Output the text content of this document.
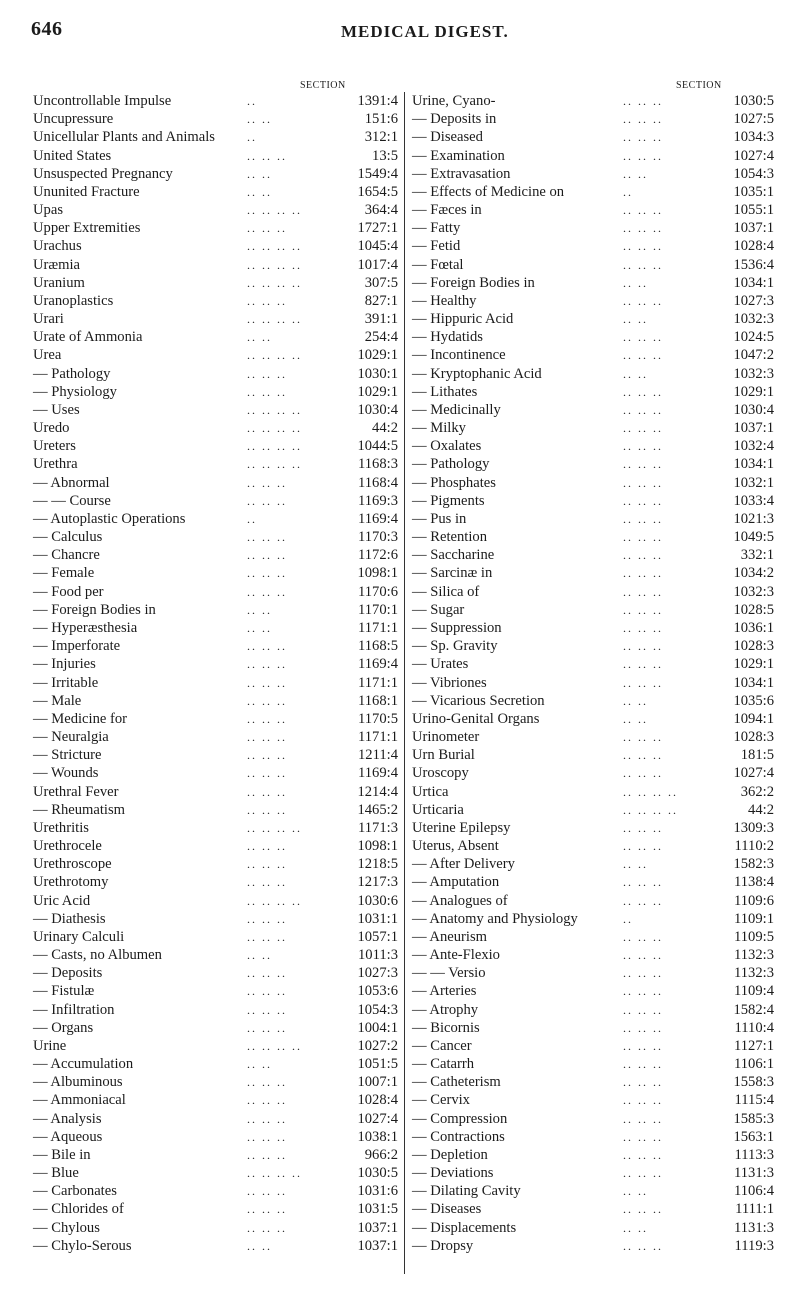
646	MEDICAL DIGEST.
SECTION
Uncontrollable Impulse	..	1391:4
Uncupressure	.. ..	151:6
Unicellular Plants and Animals	..	312:1
United States	.. .. ..	13:5
Unsuspected Pregnancy	.. ..	1549:4
Ununited Fracture	.. ..	1654:5
Upas	.. .. .. ..	364:4
Upper Extremities	.. .. ..	1727:1
Urachus	.. .. .. ..	1045:4
Uræmia	.. .. .. ..	1017:4
Uranium	.. .. .. ..	307:5
Uranoplastics	.. .. ..	827:1
Urari	.. .. .. ..	391:1
Urate of Ammonia	.. ..	254:4
Urea	.. .. .. ..	1029:1
— Pathology	.. .. ..	1030:1
— Physiology	.. .. ..	1029:1
— Uses	.. .. .. ..	1030:4
Uredo	.. .. .. ..	44:2
Ureters	.. .. .. ..	1044:5
Urethra	.. .. .. ..	1168:3
— Abnormal	.. .. ..	1168:4
— — Course	.. .. ..	1169:3
— Autoplastic Operations	..	1169:4
— Calculus	.. .. ..	1170:3
— Chancre	.. .. ..	1172:6
— Female	.. .. ..	1098:1
— Food per	.. .. ..	1170:6
— Foreign Bodies in	.. ..	1170:1
— Hyperæsthesia	.. ..	1171:1
— Imperforate	.. .. ..	1168:5
— Injuries	.. .. ..	1169:4
— Irritable	.. .. ..	1171:1
— Male	.. .. ..	1168:1
— Medicine for	.. .. ..	1170:5
— Neuralgia	.. .. ..	1171:1
— Stricture	.. .. ..	1211:4
— Wounds	.. .. ..	1169:4
Urethral Fever	.. .. ..	1214:4
— Rheumatism	.. .. ..	1465:2
Urethritis	.. .. .. ..	1171:3
Urethrocele	.. .. ..	1098:1
Urethroscope	.. .. ..	1218:5
Urethrotomy	.. .. ..	1217:3
Uric Acid	.. .. .. ..	1030:6
— Diathesis	.. .. ..	1031:1
Urinary Calculi	.. .. ..	1057:1
— Casts, no Albumen	.. ..	1011:3
— Deposits	.. .. ..	1027:3
— Fistulæ	.. .. ..	1053:6
— Infiltration	.. .. ..	1054:3
— Organs	.. .. ..	1004:1
Urine	.. .. .. ..	1027:2
— Accumulation	.. ..	1051:5
— Albuminous	.. .. ..	1007:1
— Ammoniacal	.. .. ..	1028:4
— Analysis	.. .. ..	1027:4
— Aqueous	.. .. ..	1038:1
— Bile in	.. .. ..	966:2
— Blue	.. .. .. ..	1030:5
— Carbonates	.. .. ..	1031:6
— Chlorides of	.. .. ..	1031:5
— Chylous	.. .. ..	1037:1
— Chylo-Serous	.. ..	1037:1
SECTION
Urine, Cyano-	.. .. ..	1030:5
— Deposits in	.. .. ..	1027:5
— Diseased	.. .. ..	1034:3
— Examination	.. .. ..	1027:4
— Extravasation	.. ..	1054:3
— Effects of Medicine on	..	1035:1
— Fæces in	.. .. ..	1055:1
— Fatty	.. .. ..	1037:1
— Fetid	.. .. ..	1028:4
— Fœtal	.. .. ..	1536:4
— Foreign Bodies in	.. ..	1034:1
— Healthy	.. .. ..	1027:3
— Hippuric Acid	.. ..	1032:3
— Hydatids	.. .. ..	1024:5
— Incontinence	.. .. ..	1047:2
— Kryptophanic Acid	.. ..	1032:3
— Lithates	.. .. ..	1029:1
— Medicinally	.. .. ..	1030:4
— Milky	.. .. ..	1037:1
— Oxalates	.. .. ..	1032:4
— Pathology	.. .. ..	1034:1
— Phosphates	.. .. ..	1032:1
— Pigments	.. .. ..	1033:4
— Pus in	.. .. ..	1021:3
— Retention	.. .. ..	1049:5
— Saccharine	.. .. ..	332:1
— Sarcinæ in	.. .. ..	1034:2
— Silica of	.. .. ..	1032:3
— Sugar	.. .. ..	1028:5
— Suppression	.. .. ..	1036:1
— Sp. Gravity	.. .. ..	1028:3
— Urates	.. .. ..	1029:1
— Vibriones	.. .. ..	1034:1
— Vicarious Secretion	.. ..	1035:6
Urino-Genital Organs	.. ..	1094:1
Urinometer	.. .. ..	1028:3
Urn Burial	.. .. ..	181:5
Uroscopy	.. .. ..	1027:4
Urtica	.. .. .. ..	362:2
Urticaria	.. .. .. ..	44:2
Uterine Epilepsy	.. .. ..	1309:3
Uterus, Absent	.. .. ..	1110:2
— After Delivery	.. ..	1582:3
— Amputation	.. .. ..	1138:4
— Analogues of	.. .. ..	1109:6
— Anatomy and Physiology	..	1109:1
— Aneurism	.. .. ..	1109:5
— Ante-Flexio	.. .. ..	1132:3
— — Versio	.. .. ..	1132:3
— Arteries	.. .. ..	1109:4
— Atrophy	.. .. ..	1582:4
— Bicornis	.. .. ..	1110:4
— Cancer	.. .. ..	1127:1
— Catarrh	.. .. ..	1106:1
— Catheterism	.. .. ..	1558:3
— Cervix	.. .. ..	1115:4
— Compression	.. .. ..	1585:3
— Contractions	.. .. ..	1563:1
— Depletion	.. .. ..	1113:3
— Deviations	.. .. ..	1131:3
— Dilating Cavity	.. ..	1106:4
— Diseases	.. .. ..	1111:1
— Displacements	.. ..	1131:3
— Dropsy	.. .. ..	1119:3
